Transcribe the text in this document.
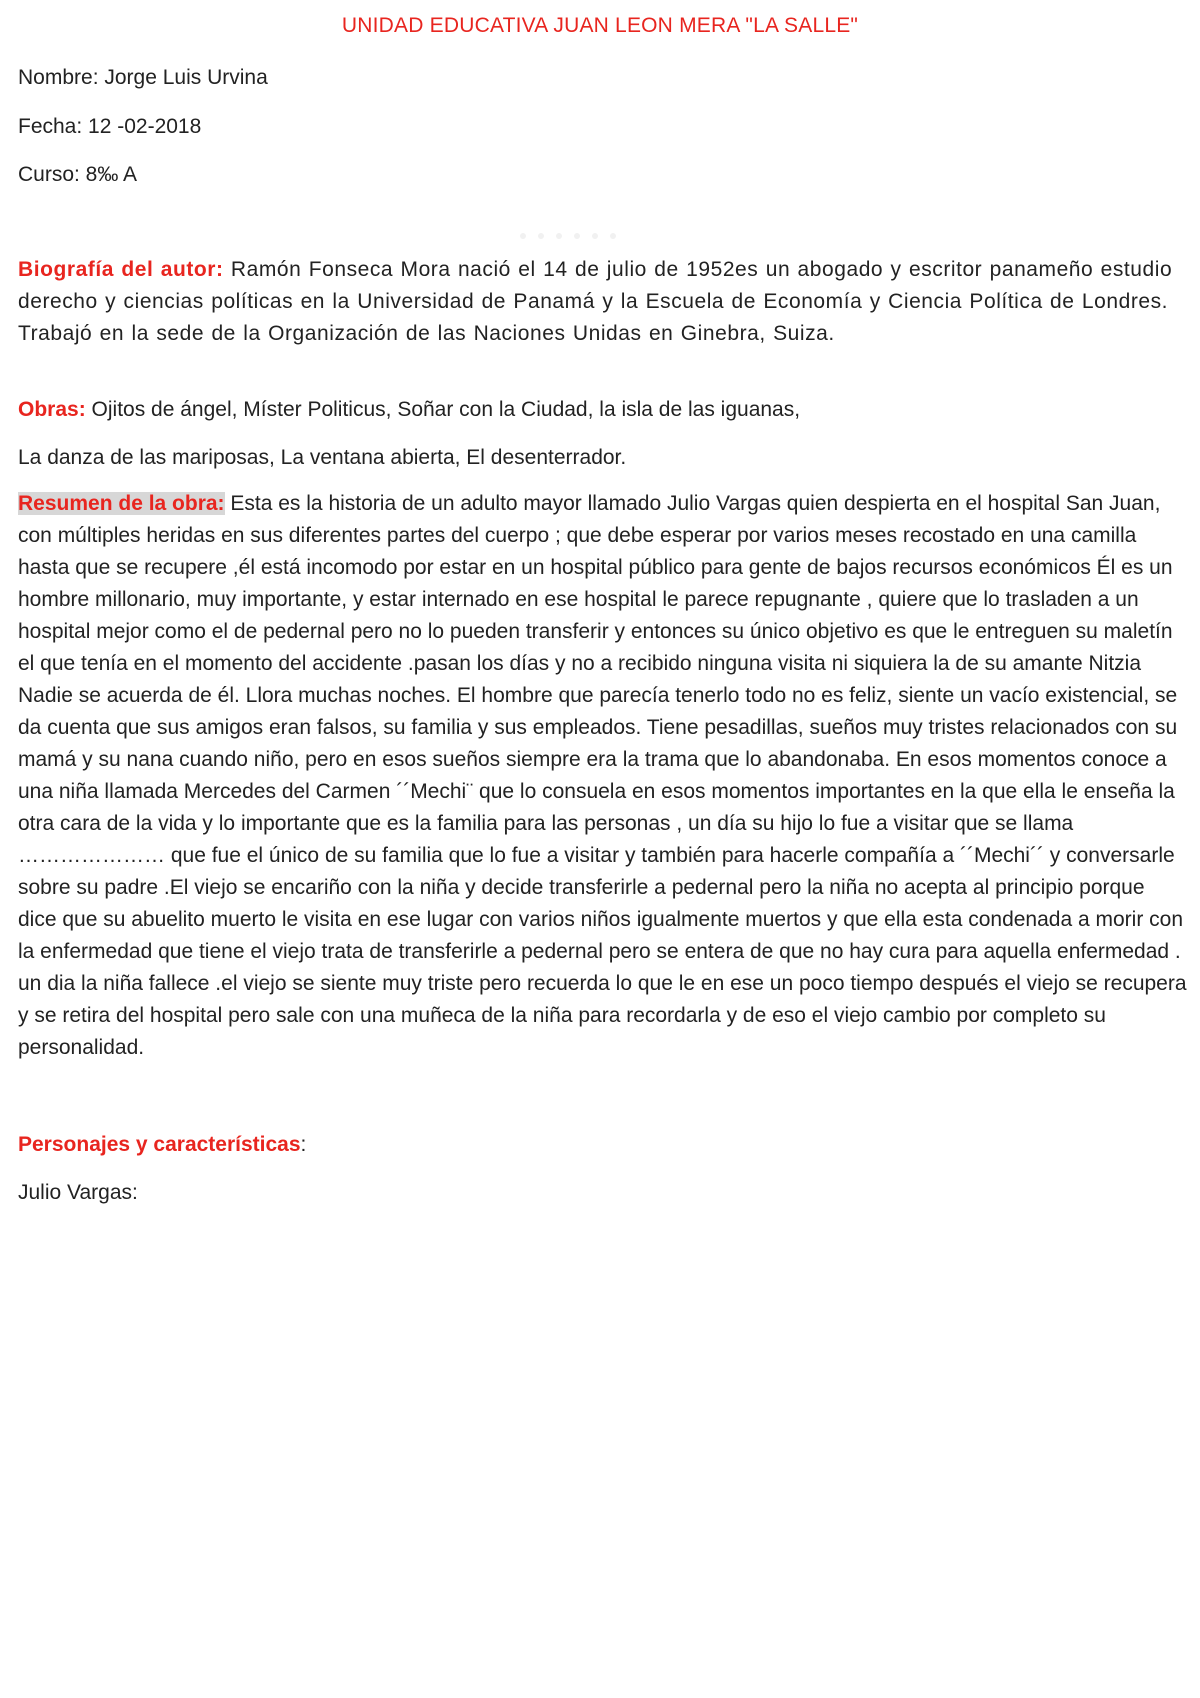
UNIDAD EDUCATIVA JUAN LEON MERA "LA SALLE"
Nombre: Jorge Luis Urvina
Fecha: 12 -02-2018
Curso: 8‰ A
Biografía del autor: Ramón Fonseca Mora nació el 14 de julio de 1952es un abogado y escritor panameño estudio derecho y ciencias políticas en la Universidad de Panamá y la Escuela de Economía y Ciencia Política de Londres. Trabajó en la sede de la Organización de las Naciones Unidas en Ginebra, Suiza.
Obras: Ojitos de ángel, Míster Politicus, Soñar con la Ciudad, la isla de las iguanas,
La danza de las mariposas, La ventana abierta, El desenterrador.
Resumen de la obra: Esta es la historia de un adulto mayor llamado Julio Vargas quien despierta en el hospital San Juan, con múltiples heridas en sus diferentes partes del cuerpo ; que debe esperar por varios meses recostado en una camilla hasta que se recupere ,él está incomodo por estar en un hospital público para gente de bajos recursos económicos Él es un hombre millonario, muy importante, y estar internado en ese hospital le parece repugnante , quiere que lo trasladen a un hospital mejor como el de pedernal pero no lo pueden transferir y entonces su único objetivo es que le entreguen su maletín el que tenía en el momento del accidente .pasan los días y no a recibido ninguna visita ni siquiera la de su amante Nitzia Nadie se acuerda de él. Llora muchas noches. El hombre que parecía tenerlo todo no es feliz, siente un vacío existencial, se da cuenta que sus amigos eran falsos, su familia y sus empleados. Tiene pesadillas, sueños muy tristes relacionados con su mamá y su nana cuando niño, pero en esos sueños siempre era la trama que lo abandonaba. En esos momentos conoce a una niña llamada Mercedes del Carmen ´´Mechi¨ que lo consuela en esos momentos importantes en la que ella le enseña la otra cara de la vida y lo importante que es la familia para las personas , un día su hijo lo fue a visitar que se llama ………………… que fue el único de su familia que lo fue a visitar y también para hacerle compañía a ´´Mechi´´ y conversarle sobre su padre .El viejo se encariño con la niña y decide transferirle a pedernal pero la niña no acepta al principio porque dice que su abuelito muerto le visita en ese lugar con varios niños igualmente muertos y que ella esta condenada a morir con la enfermedad que tiene el viejo trata de transferirle a pedernal pero se entera de que no hay cura para aquella enfermedad . un dia la niña fallece .el viejo se siente muy triste pero recuerda lo que le en ese un poco tiempo después el viejo se recupera y se retira del hospital pero sale con una muñeca de la niña para recordarla y de eso el viejo cambio por completo su personalidad.
Personajes y características:
Julio Vargas:
